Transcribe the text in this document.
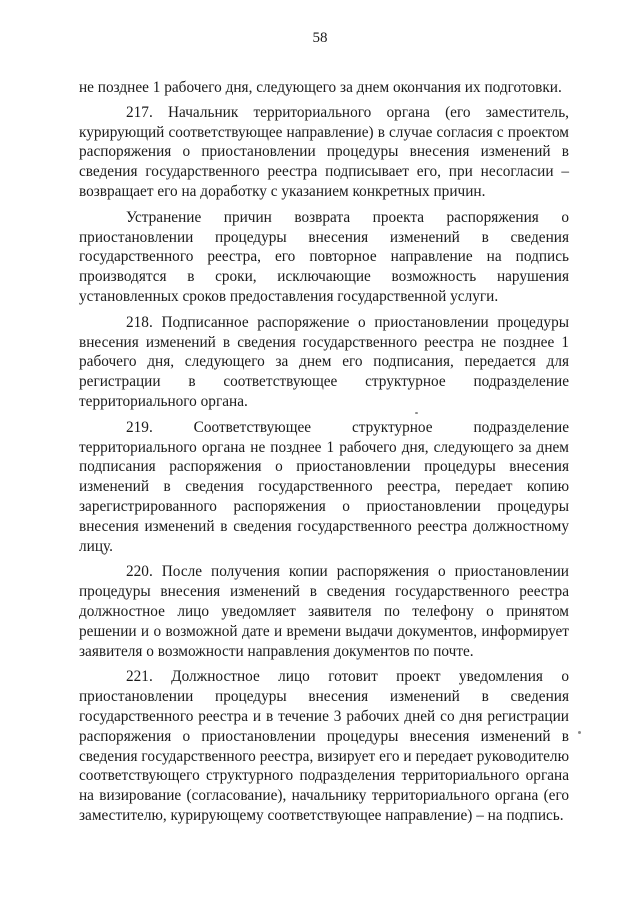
58

не позднее 1 рабочего дня, следующего за днем окончания их подготовки.

217. Начальник территориального органа (его заместитель, курирующий соответствующее направление) в случае согласия с проектом распоряжения о приостановлении процедуры внесения изменений в сведения государственного реестра подписывает его, при несогласии – возвращает его на доработку с указанием конкретных причин.

Устранение причин возврата проекта распоряжения о приостановлении процедуры внесения изменений в сведения государственного реестра, его повторное направление на подпись производятся в сроки, исключающие возможность нарушения установленных сроков предоставления государственной услуги.

218. Подписанное распоряжение о приостановлении процедуры внесения изменений в сведения государственного реестра не позднее 1 рабочего дня, следующего за днем его подписания, передается для регистрации в соответствующее структурное подразделение территориального органа.

219. Соответствующее структурное подразделение территориального органа не позднее 1 рабочего дня, следующего за днем подписания распоряжения о приостановлении процедуры внесения изменений в сведения государственного реестра, передает копию зарегистрированного распоряжения о приостановлении процедуры внесения изменений в сведения государственного реестра должностному лицу.

220. После получения копии распоряжения о приостановлении процедуры внесения изменений в сведения государственного реестра должностное лицо уведомляет заявителя по телефону о принятом решении и о возможной дате и времени выдачи документов, информирует заявителя о возможности направления документов по почте.

221. Должностное лицо готовит проект уведомления о приостановлении процедуры внесения изменений в сведения государственного реестра и в течение 3 рабочих дней со дня регистрации распоряжения о приостановлении процедуры внесения изменений в сведения государственного реестра, визирует его и передает руководителю соответствующего структурного подразделения территориального органа на визирование (согласование), начальнику территориального органа (его заместителю, курирующему соответствующее направление) – на подпись.
